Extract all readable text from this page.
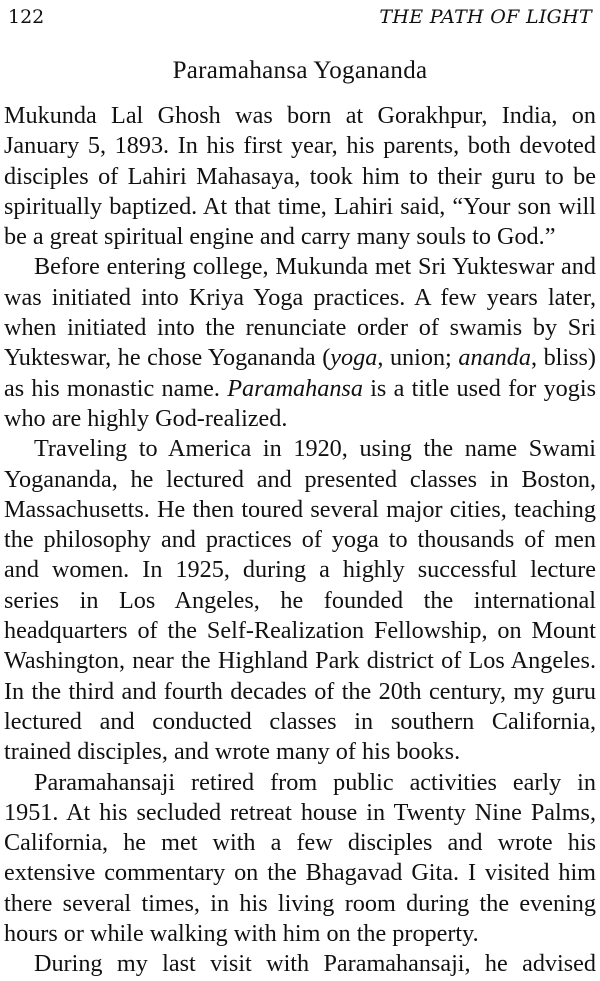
122	THE PATH OF LIGHT
Paramahansa Yogananda

Mukunda Lal Ghosh was born at Gorakhpur, India, on January 5, 1893. In his first year, his parents, both devoted disciples of Lahiri Mahasaya, took him to their guru to be spiritually baptized. At that time, Lahiri said, “Your son will be a great spiritual engine and carry many souls to God.”

Before entering college, Mukunda met Sri Yukteswar and was initiated into Kriya Yoga practices. A few years later, when initiated into the renunciate order of swamis by Sri Yukteswar, he chose Yogananda (yoga, union; ananda, bliss) as his monastic name. Paramahansa is a title used for yogis who are highly God-realized.

Traveling to America in 1920, using the name Swami Yogananda, he lectured and presented classes in Boston, Massachusetts. He then toured several major cities, teaching the philosophy and practices of yoga to thousands of men and women. In 1925, during a highly successful lecture series in Los Angeles, he founded the international headquarters of the Self-Realization Fellowship, on Mount Washington, near the Highland Park district of Los Angeles. In the third and fourth decades of the 20th century, my guru lectured and conducted classes in southern California, trained disciples, and wrote many of his books.

Paramahansaji retired from public activities early in 1951. At his secluded retreat house in Twenty Nine Palms, California, he met with a few disciples and wrote his extensive commentary on the Bhagavad Gita. I visited him there several times, in his living room during the evening hours or while walking with him on the property.

During my last visit with Paramahansaji, he advised
